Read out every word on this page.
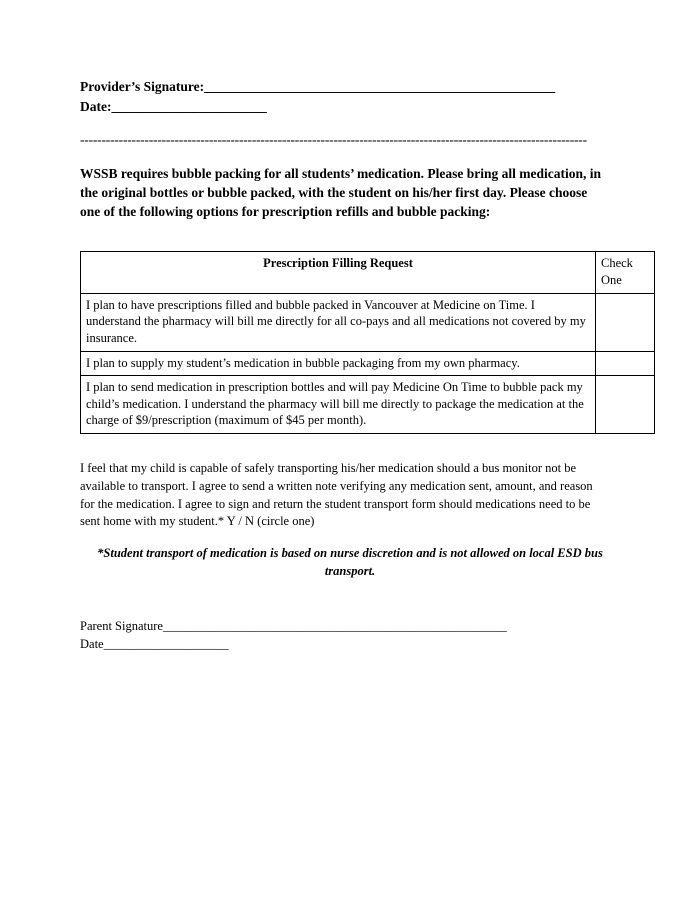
Provider’s Signature:____________________________________________________
Date:_______________________
----------------------------------------------------------------------------------------------------------------------
WSSB requires bubble packing for all students’ medication. Please bring all medication, in the original bottles or bubble packed, with the student on his/her first day. Please choose one of the following options for prescription refills and bubble packing:
Prescription Filling Request	Check One
I plan to have prescriptions filled and bubble packed in Vancouver at Medicine on Time. I understand the pharmacy will bill me directly for all co-pays and all medications not covered by my insurance.	
I plan to supply my student’s medication in bubble packaging from my own pharmacy.	
I plan to send medication in prescription bottles and will pay Medicine On Time to bubble pack my child’s medication. I understand the pharmacy will bill me directly to package the medication at the charge of $9/prescription (maximum of $45 per month).	
I feel that my child is capable of safely transporting his/her medication should a bus monitor not be available to transport. I agree to send a written note verifying any medication sent, amount, and reason for the medication. I agree to sign and return the student transport form should medications need to be sent home with my student.* Y / N (circle one)
*Student transport of medication is based on nurse discretion and is not allowed on local ESD bus transport.
Parent Signature_______________________________________________________
Date____________________
